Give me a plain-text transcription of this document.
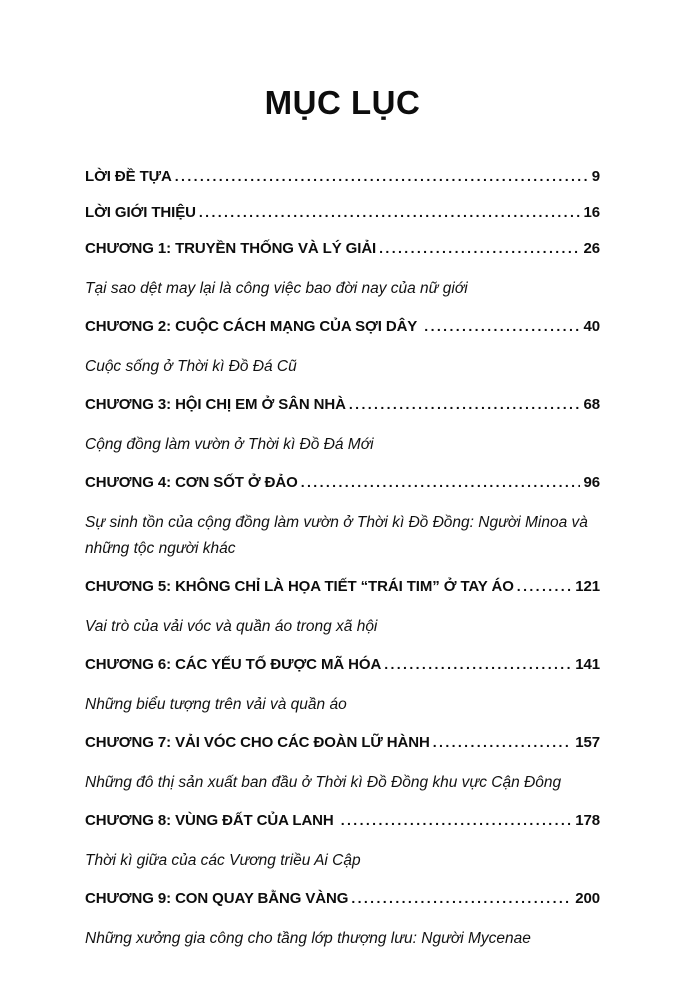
MỤC LỤC
LỜI ĐỀ TỰA .....	9
LỜI GIỚI THIỆU .....	16
CHƯƠNG 1: TRUYỀN THỐNG VÀ LÝ GIẢI .....	26
Tại sao dệt may lại là công việc bao đời nay của nữ giới
CHƯƠNG 2: CUỘC CÁCH MẠNG CỦA SỢI DÂY .....	40
Cuộc sống ở Thời kì Đồ Đá Cũ
CHƯƠNG 3: HỘI CHỊ EM Ở SÂN NHÀ .....	68
Cộng đồng làm vườn ở Thời kì Đồ Đá Mới
CHƯƠNG 4: CƠN SỐT Ở ĐẢO .....	96
Sự sinh tồn của cộng đồng làm vườn ở Thời kì Đồ Đồng: Người Minoa và những tộc người khác
CHƯƠNG 5: KHÔNG CHỈ LÀ HỌA TIẾT “TRÁI TIM” Ở TAY ÁO .....	121
Vai trò của vải vóc và quần áo trong xã hội
CHƯƠNG 6: CÁC YẾU TỐ ĐƯỢC MÃ HÓA .....	141
Những biểu tượng trên vải và quần áo
CHƯƠNG 7: VẢI VÓC CHO CÁC ĐOÀN LỮ HÀNH .....	157
Những đô thị sản xuất ban đầu ở Thời kì Đồ Đồng khu vực Cận Đông
CHƯƠNG 8: VÙNG ĐẤT CỦA LANH .....	178
Thời kì giữa của các Vương triều Ai Cập
CHƯƠNG 9: CON QUAY BẰNG VÀNG .....	200
Những xưởng gia công cho tầng lớp thượng lưu: Người Mycenae
